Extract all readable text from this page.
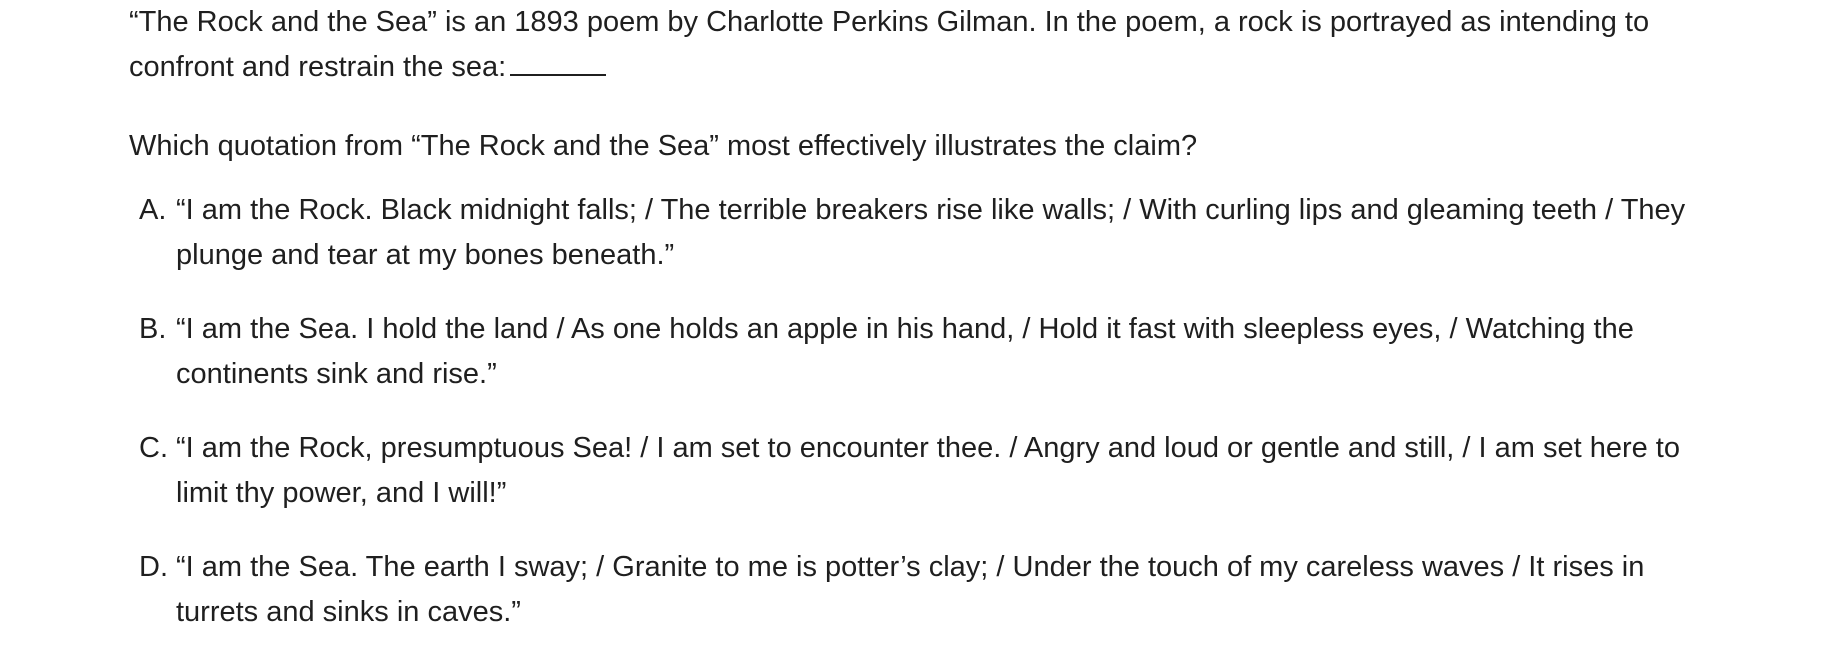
“The Rock and the Sea” is an 1893 poem by Charlotte Perkins Gilman. In the poem, a rock is portrayed as intending to confront and restrain the sea:

Which quotation from “The Rock and the Sea” most effectively illustrates the claim?

A. “I am the Rock. Black midnight falls; / The terrible breakers rise like walls; / With curling lips and gleaming teeth / They plunge and tear at my bones beneath.”
B. “I am the Sea. I hold the land / As one holds an apple in his hand, / Hold it fast with sleepless eyes, / Watching the continents sink and rise.”
C. “I am the Rock, presumptuous Sea! / I am set to encounter thee. / Angry and loud or gentle and still, / I am set here to limit thy power, and I will!”
D. “I am the Sea. The earth I sway; / Granite to me is potter’s clay; / Under the touch of my careless waves / It rises in turrets and sinks in caves.”
